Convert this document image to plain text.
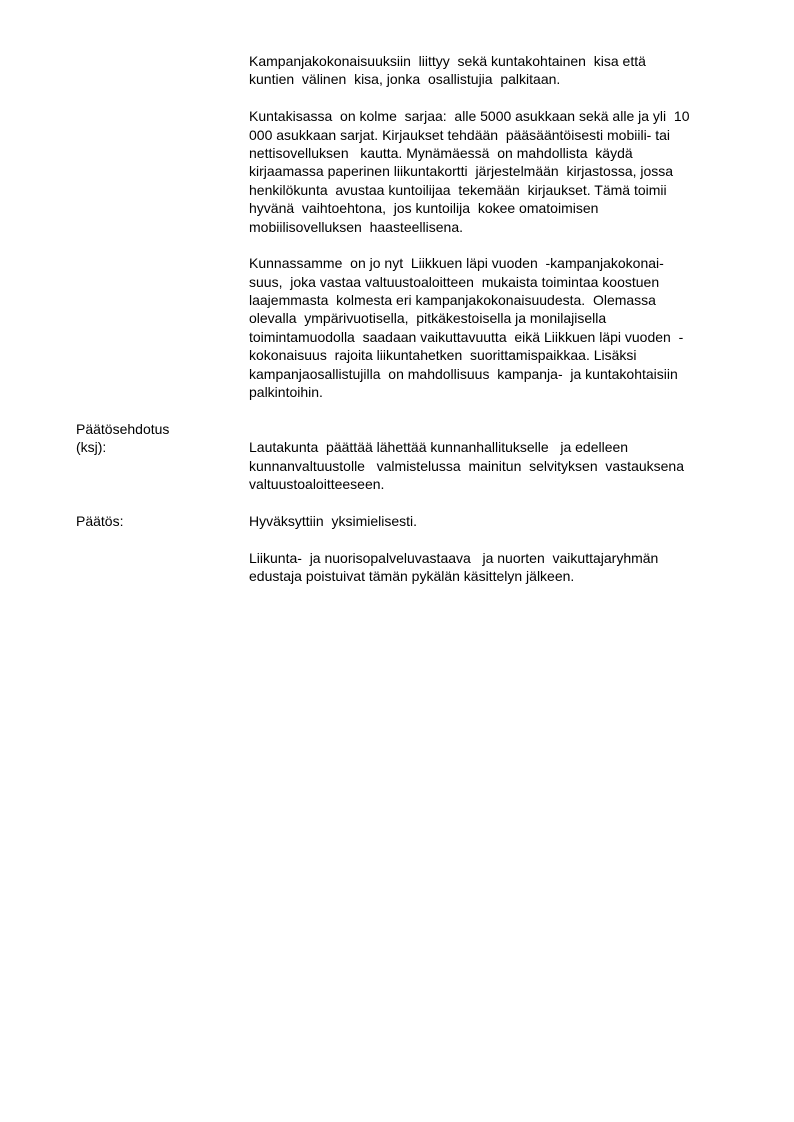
Kampanjakokonaisuuksiin  liittyy  sekä kuntakohtainen  kisa että
kuntien  välinen  kisa, jonka  osallistujia  palkitaan.
Kuntakisassa  on kolme  sarjaa:  alle 5000 asukkaan sekä alle ja yli  10
000 asukkaan sarjat. Kirjaukset tehdään  pääsääntöisesti mobiili- tai
nettisovelluksen   kautta. Mynämäessä  on mahdollista  käydä
kirjaamassa paperinen liikuntakortti  järjestelmään  kirjastossa, jossa
henkilökunta  avustaa kuntoilijaa  tekemään  kirjaukset. Tämä toimii
hyvänä  vaihtoehtona,  jos kuntoilija  kokee omatoimisen
mobiilisovelluksen  haasteellisena.
Kunnassamme  on jo nyt  Liikkuen läpi vuoden  -kampanjakokonai-
suus,  joka vastaa valtuustoaloitteen  mukaista toimintaa koostuen
laajemmasta  kolmesta eri kampanjakokonaisuudesta.  Olemassa
olevalla  ympärivuotisella,  pitkäkestoisella ja monilajisella
toimintamuodolla  saadaan vaikuttavuutta  eikä Liikkuen läpi vuoden  -
kokonaisuus  rajoita liikuntahetken  suorittamispaikkaa. Lisäksi
kampanjaosallistujilla  on mahdollisuus  kampanja-  ja kuntakohtaisiin
palkintoihin.
Päätösehdotus
(ksj):	Lautakunta  päättää lähettää kunnanhallitukselle   ja edelleen
kunnanvaltuustolle   valmistelussa  mainitun  selvityksen  vastauksena
valtuustoaloitteeseen.
Päätös:	Hyväksyttiin  yksimielisesti.
Liikunta-  ja nuorisopalveluvastaava   ja nuorten  vaikuttajaryhmän
edustaja poistuivat tämän pykälän käsittelyn jälkeen.
